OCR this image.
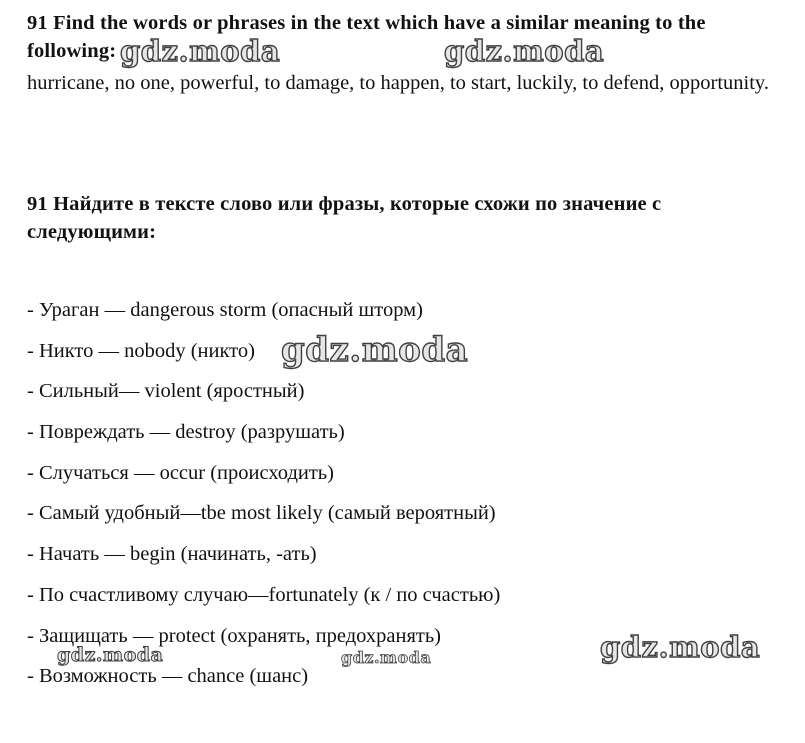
91 Find the words or phrases in the text which have a similar meaning to the following:

hurricane, no one, powerful, to damage, to happen, to start, luckily, to defend, opportunity.

91 Найдите в тексте слово или фразы, которые схожи по значение с следующими:

- Ураган — dangerous storm (опасный шторм)
- Никто — nobody (никто)
- Сильный— violent (яростный)
- Повреждать — destroy (разрушать)
- Случаться — occur (происходить)
- Самый удобный—tbe most likely (самый вероятный)
- Начать — begin (начинать, -ать)
- По счастливому случаю—fortunately (к / по счастью)
- Защищать — protect (охранять, предохранять)
- Возможность — chance (шанс)
gdz.moda	gdz.moda
gdz.moda
gdz.moda
gdz.moda	gdz.moda
